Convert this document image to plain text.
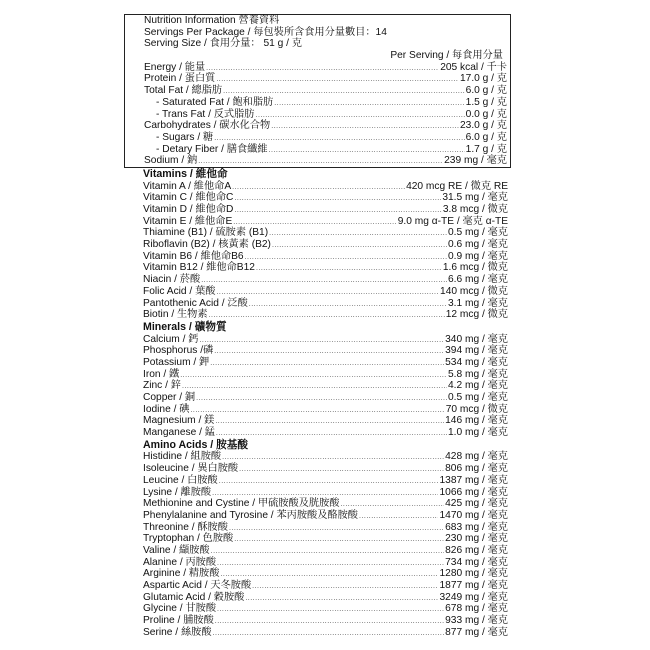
Nutrition Information 營養資料
Servings Per Package / 每包裝所含食用分量數目：14
Serving Size / 食用分量： 51 g / 克
Per Serving / 每食用分量
Energy / 能量 .....	205 kcal / 千卡
Protein / 蛋白質 .....	17.0 g / 克
Total Fat / 總脂肪 .....	6.0 g / 克
- Saturated Fat / 飽和脂肪 .....	1.5 g / 克
- Trans Fat / 反式脂肪 .....	0.0 g / 克
Carbohydrates / 碳水化合物 .....	23.0 g / 克
- Sugars / 糖 .....	6.0 g / 克
- Detary Fiber / 膳食纖維 .....	1.7 g / 克
Sodium / 鈉 .....	239 mg / 毫克
Vitamins / 維他命
Vitamin A / 維他命A .....	420 mcg RE / 微克 RE
Vitamin C / 維他命C .....	31.5 mg / 毫克
Vitamin D / 維他命D .....	3.8 mcg / 微克
Vitamin E / 維他命E .....	9.0 mg α-TE / 毫克 α-TE
Thiamine (B1) / 硫胺素 (B1) .....	0.5 mg / 毫克
Riboflavin (B2) / 核黃素 (B2) .....	0.6 mg / 毫克
Vitamin B6 / 維他命B6 .....	0.9 mg / 毫克
Vitamin B12 / 維他命B12 .....	1.6 mcg / 微克
Niacin / 菸酸 .....	6.6 mg / 毫克
Folic Acid / 葉酸 .....	140 mcg / 微克
Pantothenic Acid / 泛酸 .....	3.1 mg / 毫克
Biotin / 生物素 .....	12 mcg / 微克
Minerals / 礦物質
Calcium / 鈣 .....	340 mg / 毫克
Phosphorus /磷 .....	394 mg / 毫克
Potassium / 鉀 .....	534 mg / 毫克
Iron / 鐵 .....	5.8 mg / 毫克
Zinc / 鋅 .....	4.2 mg / 毫克
Copper / 銅 .....	0.5 mg / 毫克
Iodine / 碘 .....	70 mcg / 微克
Magnesium / 鎂 .....	146 mg / 毫克
Manganese / 錳 .....	1.0 mg / 毫克
Amino Acids / 胺基酸
Histidine / 組胺酸 .....	428 mg / 毫克
Isoleucine / 異白胺酸 .....	806 mg / 毫克
Leucine / 白胺酸 .....	1387 mg / 毫克
Lysine / 離胺酸 .....	1066 mg / 毫克
Methionine and Cystine / 甲硫胺酸及胱胺酸 .....	425 mg / 毫克
Phenylalanine and Tyrosine / 苯丙胺酸及酪胺酸 .....	1470 mg / 毫克
Threonine / 酥胺酸 .....	683 mg / 毫克
Tryptophan / 色胺酸 .....	230 mg / 毫克
Valine / 纈胺酸 .....	826 mg / 毫克
Alanine / 丙胺酸 .....	734 mg / 毫克
Arginine / 精胺酸 .....	1280 mg / 毫克
Aspartic Acid / 天冬胺酸 .....	1877 mg / 毫克
Glutamic Acid / 穀胺酸 .....	3249 mg / 毫克
Glycine / 甘胺酸 .....	678 mg / 毫克
Proline / 脯胺酸 .....	933 mg / 毫克
Serine / 絲胺酸 .....	877 mg / 毫克
